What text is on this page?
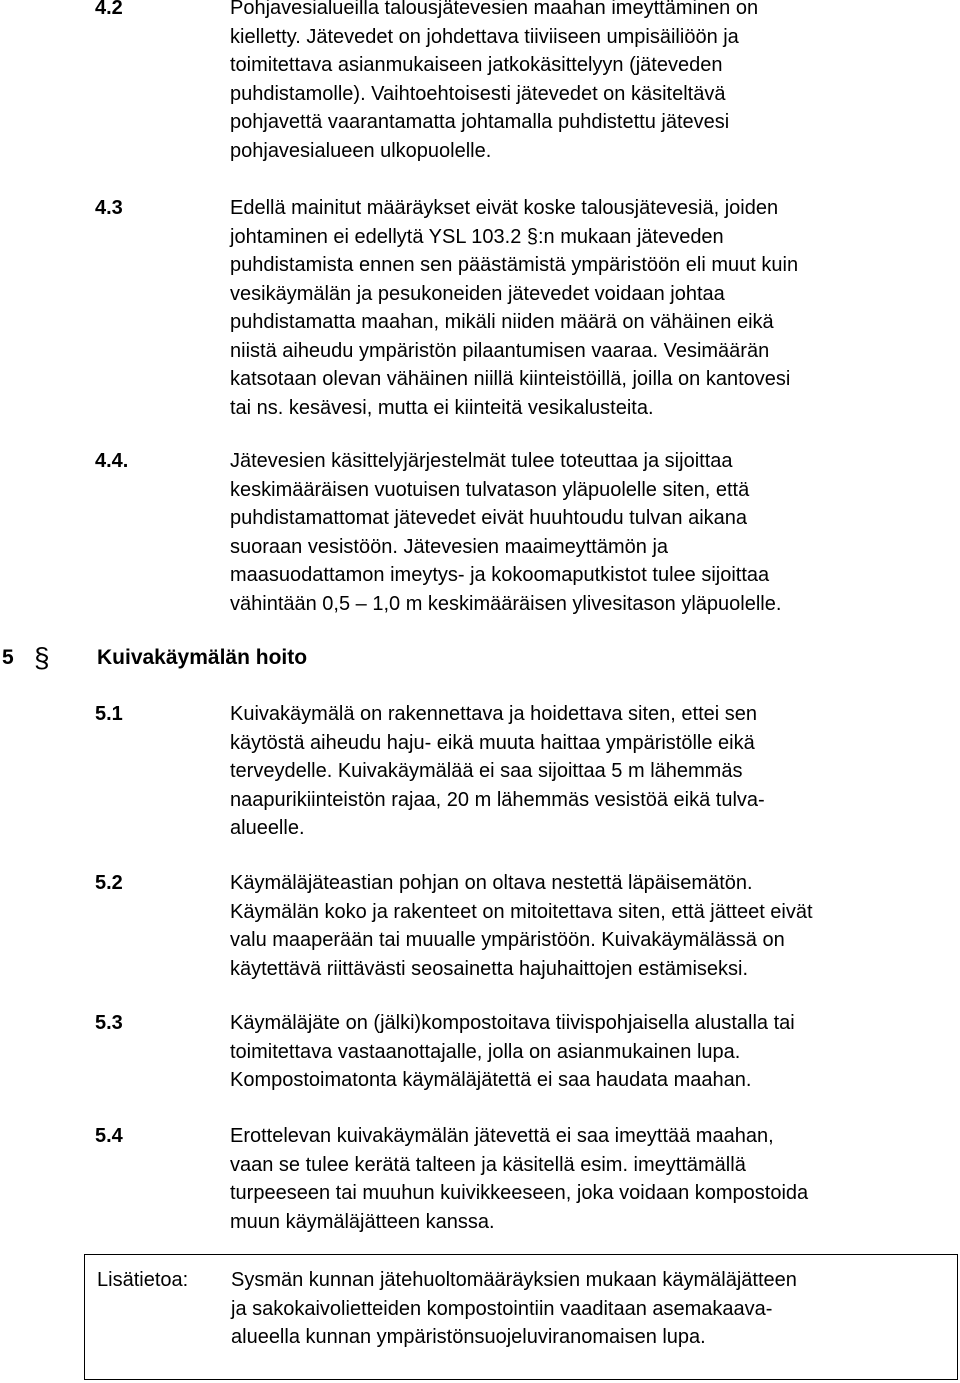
4.2	Pohjavesialueilla talousjätevesien maahan imeyttäminen on
kielletty. Jätevedet on johdettava tiiviiseen umpisäiliöön ja
toimitettava asianmukaiseen jatkokäsittelyyn (jäteveden
puhdistamolle). Vaihtoehtoisesti jätevedet on käsiteltävä
pohjavettä vaarantamatta johtamalla puhdistettu jätevesi
pohjavesialueen ulkopuolelle.
4.3	Edellä mainitut määräykset eivät koske talousjätevesiä, joiden
johtaminen ei edellytä YSL 103.2 §:n mukaan jäteveden
puhdistamista ennen sen päästämistä ympäristöön eli muut kuin
vesikäymälän ja pesukoneiden jätevedet voidaan johtaa
puhdistamatta maahan, mikäli niiden määrä on vähäinen eikä
niistä aiheudu ympäristön pilaantumisen vaaraa. Vesimäärän
katsotaan olevan vähäinen niillä kiinteistöillä, joilla on kantovesi
tai ns. kesävesi, mutta ei kiinteitä vesikalusteita.
4.4.	Jätevesien käsittelyjärjestelmät tulee toteuttaa ja sijoittaa
keskimääräisen vuotuisen tulvatason yläpuolelle siten, että
puhdistamattomat jätevedet eivät huuhtoudu tulvan aikana
suoraan vesistöön. Jätevesien maaimeyttämön ja
maasuodattamon imeytys- ja kokoomaputkistot tulee sijoittaa
vähintään 0,5 – 1,0 m keskimääräisen ylivesitason yläpuolelle.
5 § Kuivakäymälän hoito
5.1	Kuivakäymälä on rakennettava ja hoidettava siten, ettei sen
käytöstä aiheudu haju- eikä muuta haittaa ympäristölle eikä
terveydelle. Kuivakäymälää ei saa sijoittaa 5 m lähemmäs
naapurikiinteistön rajaa, 20 m lähemmäs vesistöä eikä tulva-
alueelle.
5.2	Käymäläjäteastian pohjan on oltava nestettä läpäisemätön.
Käymälän koko ja rakenteet on mitoitettava siten, että jätteet eivät
valu maaperään tai muualle ympäristöön. Kuivakäymälässä on
käytettävä riittävästi seosainetta hajuhaittojen estämiseksi.
5.3	Käymäläjäte on (jälki)kompostoitava tiivispohjaisella alustalla tai
toimitettava vastaanottajalle, jolla on asianmukainen lupa.
Kompostoimatonta käymäläjätettä ei saa haudata maahan.
5.4	Erottelevan kuivakäymälän jätevettä ei saa imeyttää maahan,
vaan se tulee kerätä talteen ja käsitellä esim. imeyttämällä
turpeeseen tai muuhun kuivikkeeseen, joka voidaan kompostoida
muun käymäläjätteen kanssa.
Lisätietoa: Sysmän kunnan jätehuoltomääräyksien mukaan käymäläjätteen
ja sakokaivolietteiden kompostointiin vaaditaan asemakaava-
alueella kunnan ympäristönsuojeluviranomaisen lupa.
